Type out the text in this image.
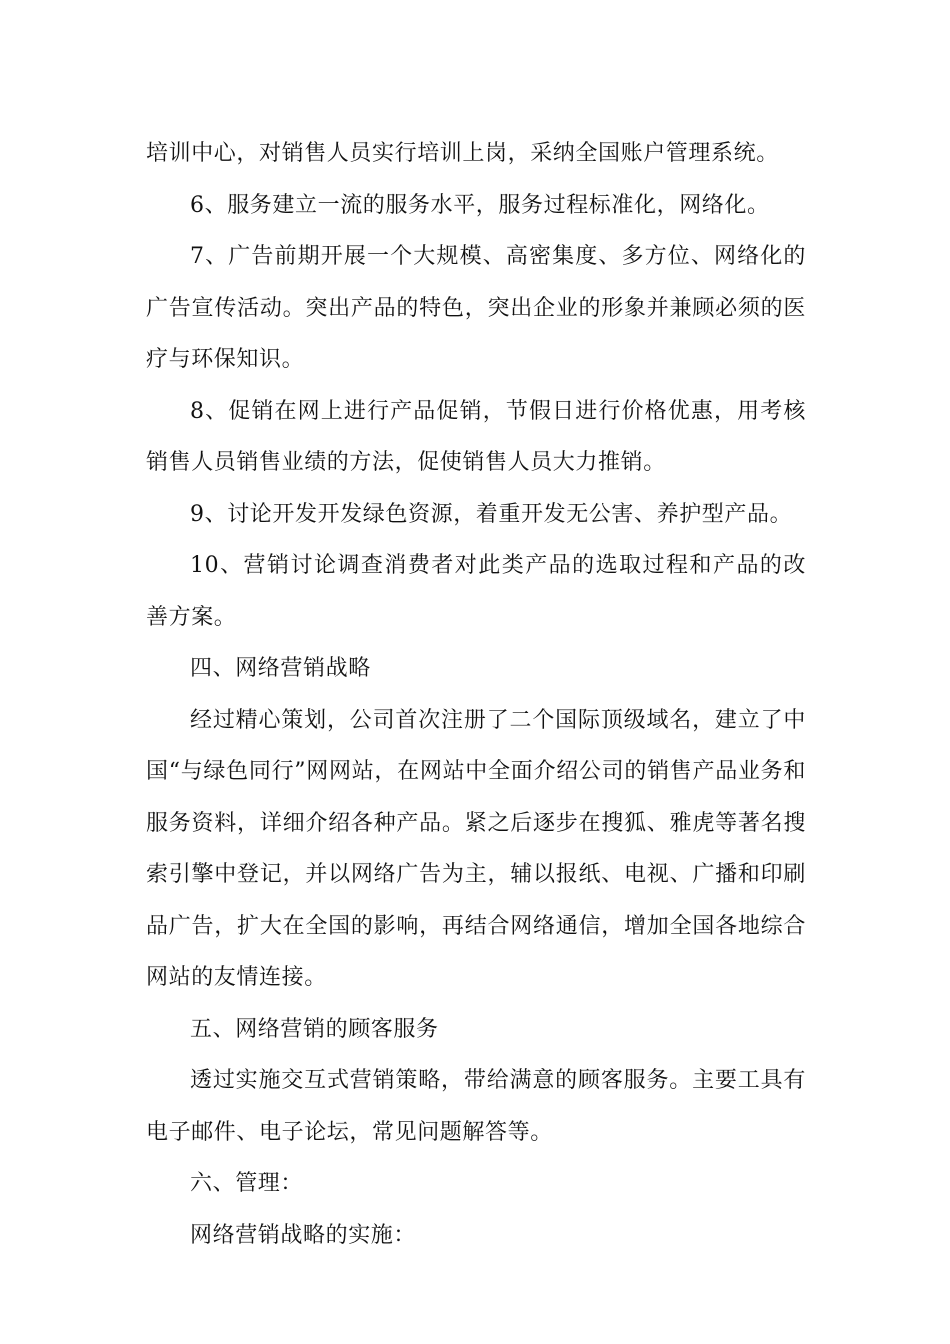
培训中心，对销售人员实行培训上岗，采纳全国账户管理系统。

6、服务建立一流的服务水平，服务过程标准化，网络化。

7、广告前期开展一个大规模、高密集度、多方位、网络化的广告宣传活动。突出产品的特色，突出企业的形象并兼顾必须的医疗与环保知识。

8、促销在网上进行产品促销，节假日进行价格优惠，用考核销售人员销售业绩的方法，促使销售人员大力推销。

9、讨论开发开发绿色资源，着重开发无公害、养护型产品。

10、营销讨论调查消费者对此类产品的选取过程和产品的改善方案。

四、网络营销战略

经过精心策划，公司首次注册了二个国际顶级域名，建立了中国“与绿色同行”网网站，在网站中全面介绍公司的销售产品业务和服务资料，详细介绍各种产品。紧之后逐步在搜狐、雅虎等著名搜索引擎中登记，并以网络广告为主，辅以报纸、电视、广播和印刷品广告，扩大在全国的影响，再结合网络通信，增加全国各地综合网站的友情连接。

五、网络营销的顾客服务

透过实施交互式营销策略，带给满意的顾客服务。主要工具有电子邮件、电子论坛，常见问题解答等。

六、管理：

网络营销战略的实施：
